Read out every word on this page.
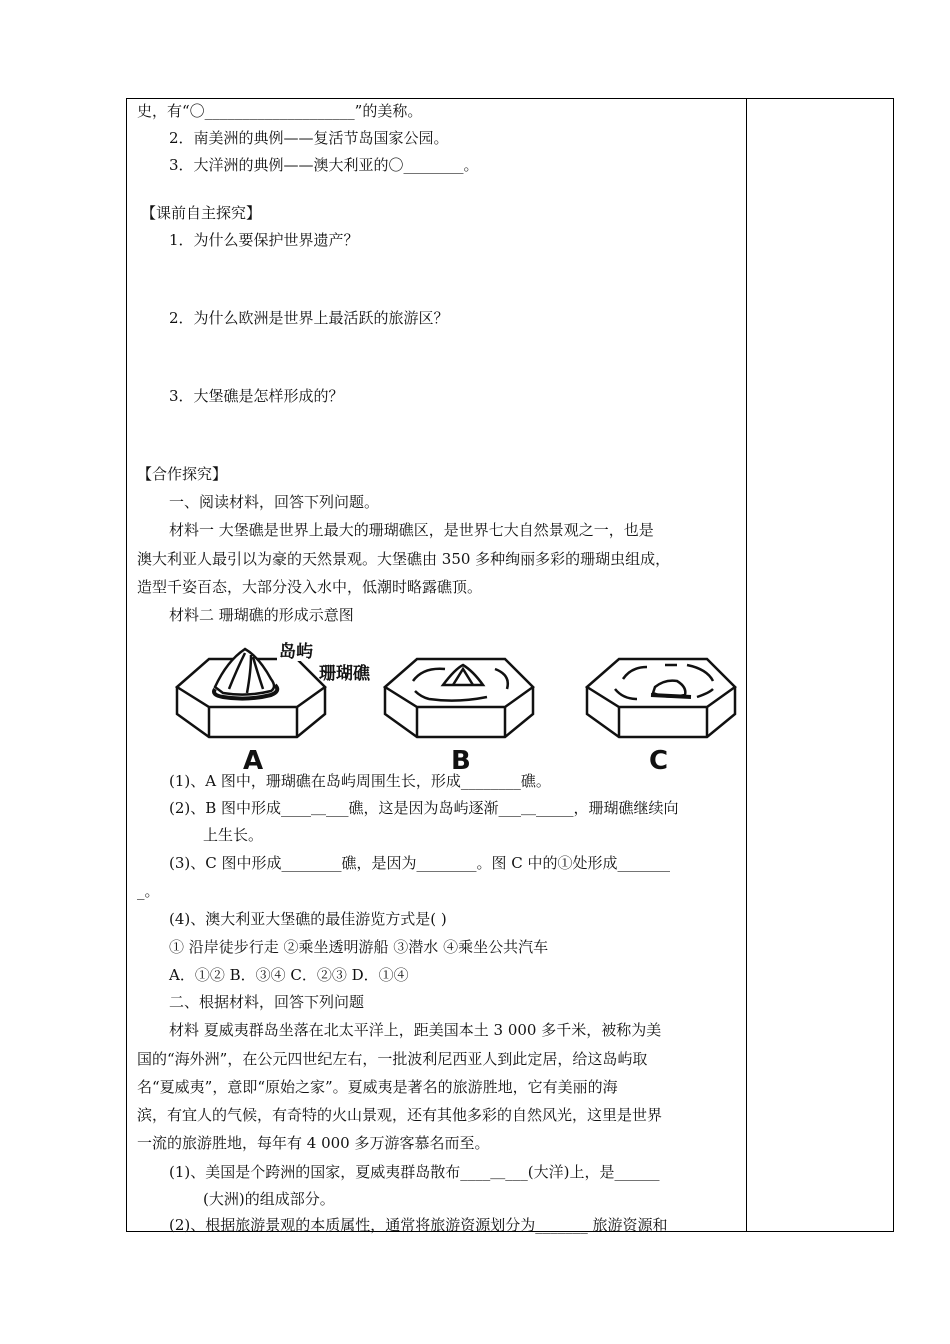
史，有“〇____________________”的美称。
2．南美洲的典例——复活节岛国家公园。
3．大洋洲的典例——澳大利亚的〇________。
【课前自主探究】
1．为什么要保护世界遗产？
2．为什么欧洲是世界上最活跃的旅游区？
3．大堡礁是怎样形成的？
【合作探究】
一、阅读材料，回答下列问题。
材料一 大堡礁是世界上最大的珊瑚礁区，是世界七大自然景观之一，也是
澳大利亚人最引以为豪的天然景观。大堡礁由 350 多种绚丽多彩的珊瑚虫组成，
造型千姿百态，大部分没入水中，低潮时略露礁顶。
材料二 珊瑚礁的形成示意图
岛屿
珊瑚礁
A	B	C
(1)、A 图中，珊瑚礁在岛屿周围生长，形成________礁。
(2)、B 图中形成____＿___礁，这是因为岛屿逐渐___＿_____，珊瑚礁继续向
上生长。
(3)、C 图中形成________礁，是因为________。图 C 中的①处形成_______
_。
(4)、澳大利亚大堡礁的最佳游览方式是( )
① 沿岸徒步行走 ②乘坐透明游船 ③潜水 ④乘坐公共汽车
A．①② B．③④ C．②③ D．①④
二、根据材料，回答下列问题
材料 夏威夷群岛坐落在北太平洋上，距美国本土 3 000 多千米，被称为美
国的“海外洲”，在公元四世纪左右，一批波利尼西亚人到此定居，给这岛屿取
名“夏威夷”，意即“原始之家”。夏威夷是著名的旅游胜地，它有美丽的海
滨，有宜人的气候，有奇特的火山景观，还有其他多彩的自然风光，这里是世界
一流的旅游胜地，每年有 4 000 多万游客慕名而至。
(1)、美国是个跨洲的国家，夏威夷群岛散布____＿___(大洋)上，是______
(大洲)的组成部分。
(2)、根据旅游景观的本质属性，通常将旅游资源划分为_______ 旅游资源和
